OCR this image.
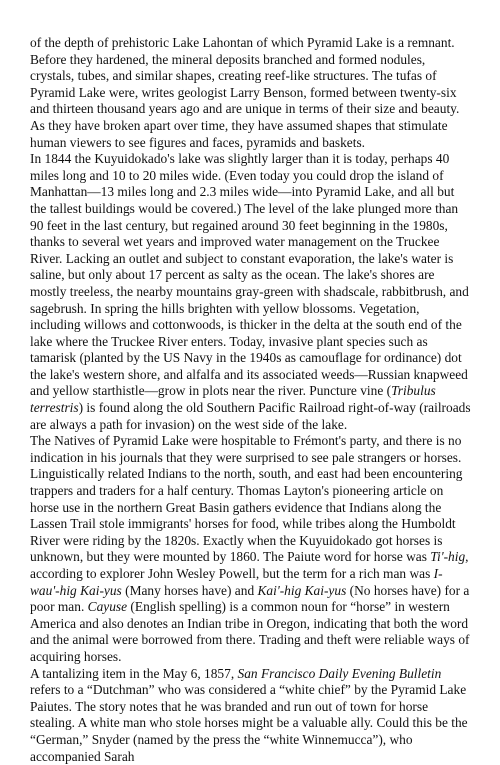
of the depth of prehistoric Lake Lahontan of which Pyramid Lake is a remnant. Before they hardened, the mineral deposits branched and formed nodules, crystals, tubes, and similar shapes, creating reef-like structures. The tufas of Pyramid Lake were, writes geologist Larry Benson, formed between twenty-six and thirteen thousand years ago and are unique in terms of their size and beauty. As they have broken apart over time, they have assumed shapes that stimulate human viewers to see figures and faces, pyramids and baskets.

In 1844 the Kuyuidokado's lake was slightly larger than it is today, perhaps 40 miles long and 10 to 20 miles wide. (Even today you could drop the island of Manhattan—13 miles long and 2.3 miles wide—into Pyramid Lake, and all but the tallest buildings would be covered.) The level of the lake plunged more than 90 feet in the last century, but regained around 30 feet beginning in the 1980s, thanks to several wet years and improved water management on the Truckee River. Lacking an outlet and subject to constant evaporation, the lake's water is saline, but only about 17 percent as salty as the ocean. The lake's shores are mostly treeless, the nearby mountains gray-green with shadscale, rabbitbrush, and sagebrush. In spring the hills brighten with yellow blossoms. Vegetation, including willows and cottonwoods, is thicker in the delta at the south end of the lake where the Truckee River enters. Today, invasive plant species such as tamarisk (planted by the US Navy in the 1940s as camouflage for ordinance) dot the lake's western shore, and alfalfa and its associated weeds—Russian knapweed and yellow starthistle—grow in plots near the river. Puncture vine (Tribulus terrestris) is found along the old Southern Pacific Railroad right-of-way (railroads are always a path for invasion) on the west side of the lake.

The Natives of Pyramid Lake were hospitable to Frémont's party, and there is no indication in his journals that they were surprised to see pale strangers or horses. Linguistically related Indians to the north, south, and east had been encountering trappers and traders for a half century. Thomas Layton's pioneering article on horse use in the northern Great Basin gathers evidence that Indians along the Lassen Trail stole immigrants' horses for food, while tribes along the Humboldt River were riding by the 1820s. Exactly when the Kuyuidokado got horses is unknown, but they were mounted by 1860. The Paiute word for horse was Ti'-hig, according to explorer John Wesley Powell, but the term for a rich man was I-wau'-hig Kai-yus (Many horses have) and Kai'-hig Kai-yus (No horses have) for a poor man. Cayuse (English spelling) is a common noun for “horse” in western America and also denotes an Indian tribe in Oregon, indicating that both the word and the animal were borrowed from there. Trading and theft were reliable ways of acquiring horses.

A tantalizing item in the May 6, 1857, San Francisco Daily Evening Bulletin refers to a “Dutchman” who was considered a “white chief” by the Pyramid Lake Paiutes. The story notes that he was branded and run out of town for horse stealing. A white man who stole horses might be a valuable ally. Could this be the “German,” Snyder (named by the press the “white Winnemucca”), who accompanied Sarah
